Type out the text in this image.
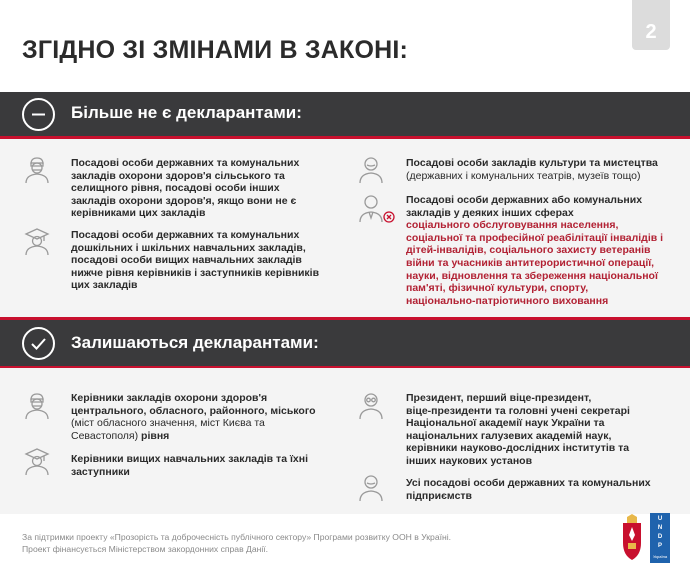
2
ЗГІДНО ЗІ ЗМІНАМИ В ЗАКОНІ:
Більше не є декларантами:
Залишаються декларантами:
Посадові особи державних та комунальних
закладів охорони здоров'я сільського та
селищного рівня, посадові особи інших
закладів охорони здоров'я, якщо вони не є
керівниками цих закладів
Посадові особи державних та комунальних
дошкільних і шкільних навчальних закладів,
посадові особи вищих навчальних закладів
нижче рівня керівників і заступників керівників
цих закладів
Посадові особи закладів культури та мистецтва
(державних і комунальних театрів, музеїв тощо)
Посадові особи державних або комунальних
закладів у деяких інших сферах
соціального обслуговування населення,
соціальної та професійної реабілітації інвалідів і
дітей-інвалідів, соціального захисту ветеранів
війни та учасників антитерористичної операції,
науки, відновлення та збереження національної
пам'яті, фізичної культури, спорту,
національно-патріотичного виховання
Керівники закладів охорони здоров'я
центрального, обласного, районного, міського
(міст обласного значення, міст Києва та
Севастополя) рівня
Керівники вищих навчальних закладів та їхні
заступники
Президент, перший віце-президент,
віце-президенти та головні учені секретарі
Національної академії наук України та
національних галузевих академій наук,
керівники науково-дослідних інститутів та
інших наукових установ
Усі посадові особи державних та комунальних
підприємств
За підтримки проекту «Прозорість та доброчесність публічного сектору» Програми розвитку ООН в Україні.
Проект фінансується Міністерством закордонних справ Данії.
U
N
D
P
Україна
